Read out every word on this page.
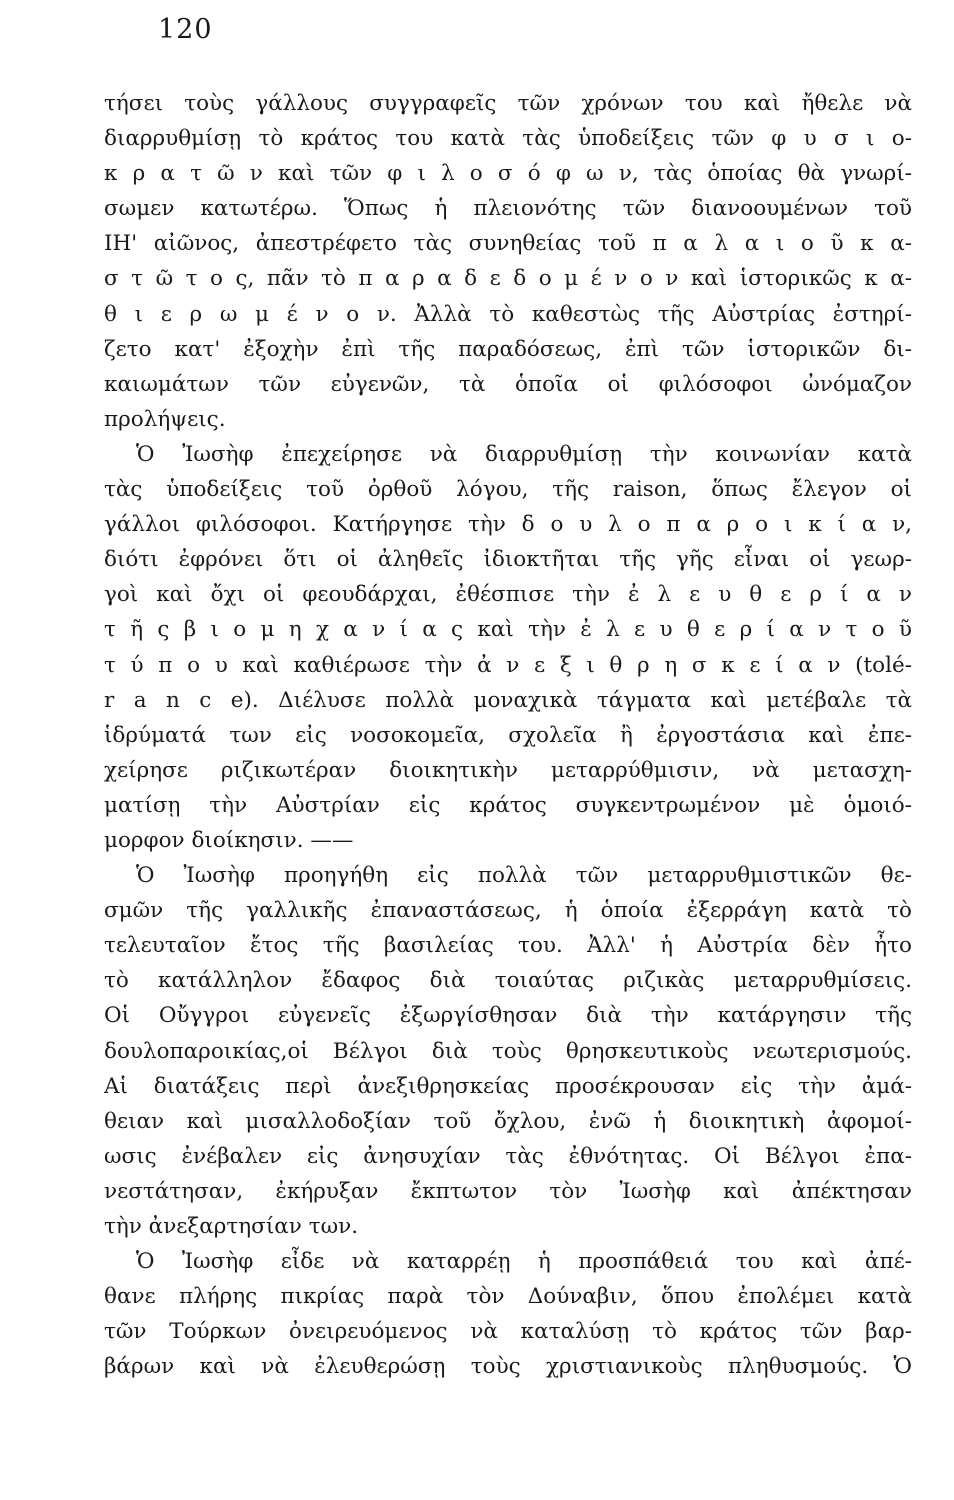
120
τήσει τοὺς γάλλους συγγραφεῖς τῶν χρόνων του καὶ ἤθελε νὰ
διαρρυθμίσῃ τὸ κράτος του κατὰ τὰς ὑποδείξεις τῶν φ υ σ ι ο-
κ ρ α τ ῶ ν καὶ τῶν φ ι λ ο σ ό φ ω ν, τὰς ὁποίας θὰ γνωρί-
σωμεν κατωτέρω. Ὅπως ἡ πλειονότης τῶν διανοουμένων τοῦ
ΙΗ' αἰῶνος, ἀπεστρέφετο τὰς συνηθείας τοῦ π α λ α ι ο ῦ κ α-
σ τ ῶ τ ο ς, πᾶν τὸ π α ρ α δ ε δ ο μ έ ν ο ν καὶ ἱστορικῶς κ α-
θ ι ε ρ ω μ έ ν ο ν. Ἀλλὰ τὸ καθεστὼς τῆς Αὐστρίας ἐστηρί-
ζετο κατ' ἐξοχὴν ἐπὶ τῆς παραδόσεως, ἐπὶ τῶν ἱστορικῶν δι-
καιωμάτων τῶν εὐγενῶν, τὰ ὁποῖα οἱ φιλόσοφοι ὠνόμαζον
προλήψεις.
Ὁ Ἰωσὴφ ἐπεχείρησε νὰ διαρρυθμίσῃ τὴν κοινωνίαν κατὰ
τὰς ὑποδείξεις τοῦ ὀρθοῦ λόγου, τῆς raison, ὅπως ἔλεγον οἱ
γάλλοι φιλόσοφοι. Κατήργησε τὴν δ ο υ λ ο π α ρ ο ι κ ί α ν,
διότι ἐφρόνει ὅτι οἱ ἀληθεῖς ἰδιοκτῆται τῆς γῆς εἶναι οἱ γεωρ-
γοὶ καὶ ὄχι οἱ φεουδάρχαι, ἐθέσπισε τὴν ἐ λ ε υ θ ε ρ ί α ν
τ ῆ ς β ι ο μ η χ α ν ί α ς καὶ τὴν ἐ λ ε υ θ ε ρ ί α ν τ ο ῦ
τ ύ π ο υ καὶ καθιέρωσε τὴν ἀ ν ε ξ ι θ ρ η σ κ ε ί α ν (tolé-
r a n c e). Διέλυσε πολλὰ μοναχικὰ τάγματα καὶ μετέβαλε τὰ
ἱδρύματά των εἰς νοσοκομεῖα, σχολεῖα ἢ ἐργοστάσια καὶ ἐπε-
χείρησε ριζικωτέραν διοικητικὴν μεταρρύθμισιν, νὰ μετασχη-
ματίσῃ τὴν Αὐστρίαν εἰς κράτος συγκεντρωμένον μὲ ὁμοιό-
μορφον διοίκησιν. ——
Ὁ Ἰωσὴφ προηγήθη εἰς πολλὰ τῶν μεταρρυθμιστικῶν θε-
σμῶν τῆς γαλλικῆς ἐπαναστάσεως, ἡ ὁποία ἐξερράγη κατὰ τὸ
τελευταῖον ἔτος τῆς βασιλείας του. Ἀλλ' ἡ Αὐστρία δὲν ἦτο
τὸ κατάλληλον ἔδαφος διὰ τοιαύτας ριζικὰς μεταρρυθμίσεις.
Οἱ Οὔγγροι εὐγενεῖς ἐξωργίσθησαν διὰ τὴν κατάργησιν τῆς
δουλοπαροικίας,οἱ Βέλγοι διὰ τοὺς θρησκευτικοὺς νεωτερισμούς.
Αἱ διατάξεις περὶ ἀνεξιθρησκείας προσέκρουσαν εἰς τὴν ἀμά-
θειαν καὶ μισαλλοδοξίαν τοῦ ὄχλου, ἐνῶ ἡ διοικητικὴ ἀφομοί-
ωσις ἐνέβαλεν εἰς ἀνησυχίαν τὰς ἐθνότητας. Οἱ Βέλγοι ἐπα-
νεστάτησαν, ἐκήρυξαν ἔκπτωτον τὸν Ἰωσὴφ καὶ ἀπέκτησαν
τὴν ἀνεξαρτησίαν των.
Ὁ Ἰωσὴφ εἶδε νὰ καταρρέῃ ἡ προσπάθειά του καὶ ἀπέ-
θανε πλήρης πικρίας παρὰ τὸν Δούναβιν, ὅπου ἐπολέμει κατὰ
τῶν Τούρκων ὀνειρευόμενος νὰ καταλύσῃ τὸ κράτος τῶν βαρ-
βάρων καὶ νὰ ἐλευθερώσῃ τοὺς χριστιανικοὺς πληθυσμούς. Ὁ
